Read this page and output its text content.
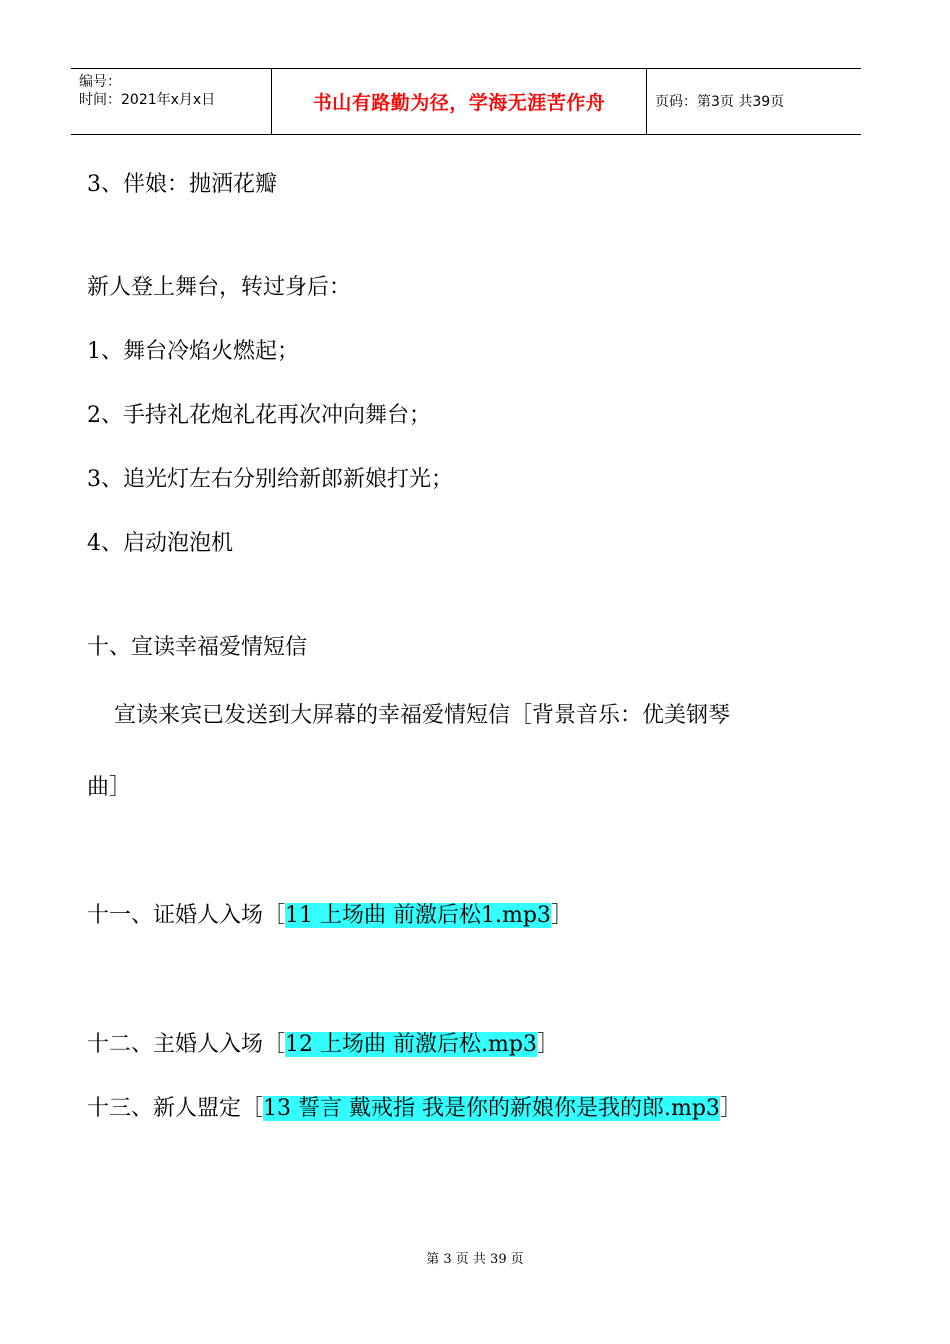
编号：
时间：2021年x月x日	书山有路勤为径，学海无涯苦作舟	页码：第3页 共39页
3、伴娘：抛洒花瓣
新人登上舞台，转过身后：
1、舞台冷焰火燃起；
2、手持礼花炮礼花再次冲向舞台；
3、追光灯左右分别给新郎新娘打光；
4、启动泡泡机
十、宣读幸福爱情短信
宣读来宾已发送到大屏幕的幸福爱情短信［背景音乐：优美钢琴
曲］
十一、证婚人入场［11 上场曲 前激后松1.mp3］
十二、主婚人入场［12 上场曲 前激后松.mp3］
十三、新人盟定［13 誓言 戴戒指 我是你的新娘你是我的郎.mp3］
第 3 页 共 39 页
